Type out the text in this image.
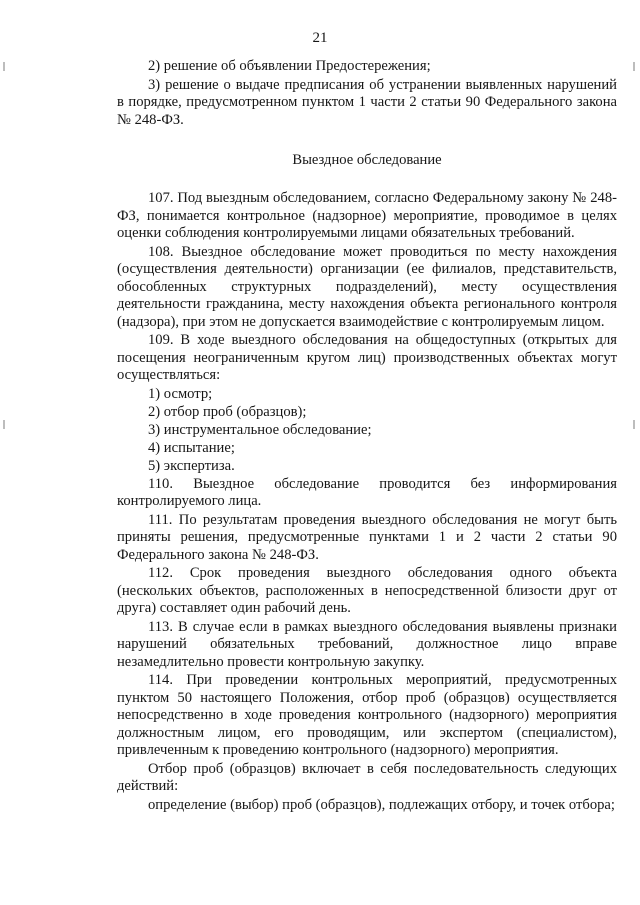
21
2) решение об объявлении Предостережения;
3) решение о выдаче предписания об устранении выявленных нарушений в порядке, предусмотренном пунктом 1 части 2 статьи 90 Федерального закона № 248-ФЗ.
Выездное обследование
107. Под выездным обследованием, согласно Федеральному закону № 248-ФЗ, понимается контрольное (надзорное) мероприятие, проводимое в целях оценки соблюдения контролируемыми лицами обязательных требований.
108. Выездное обследование может проводиться по месту нахождения (осуществления деятельности) организации (ее филиалов, представительств, обособленных структурных подразделений), месту осуществления деятельности гражданина, месту нахождения объекта регионального контроля (надзора), при этом не допускается взаимодействие с контролируемым лицом.
109. В ходе выездного обследования на общедоступных (открытых для посещения неограниченным кругом лиц) производственных объектах могут осуществляться:
1) осмотр;
2) отбор проб (образцов);
3) инструментальное обследование;
4) испытание;
5) экспертиза.
110. Выездное обследование проводится без информирования контролируемого лица.
111. По результатам проведения выездного обследования не могут быть приняты решения, предусмотренные пунктами 1 и 2 части 2 статьи 90 Федерального закона № 248-ФЗ.
112. Срок проведения выездного обследования одного объекта (нескольких объектов, расположенных в непосредственной близости друг от друга) составляет один рабочий день.
113. В случае если в рамках выездного обследования выявлены признаки нарушений обязательных требований, должностное лицо вправе незамедлительно провести контрольную закупку.
114. При проведении контрольных мероприятий, предусмотренных пунктом 50 настоящего Положения, отбор проб (образцов) осуществляется непосредственно в ходе проведения контрольного (надзорного) мероприятия должностным лицом, его проводящим, или экспертом (специалистом), привлеченным к проведению контрольного (надзорного) мероприятия.
Отбор проб (образцов) включает в себя последовательность следующих действий:
определение (выбор) проб (образцов), подлежащих отбору, и точек отбора;
